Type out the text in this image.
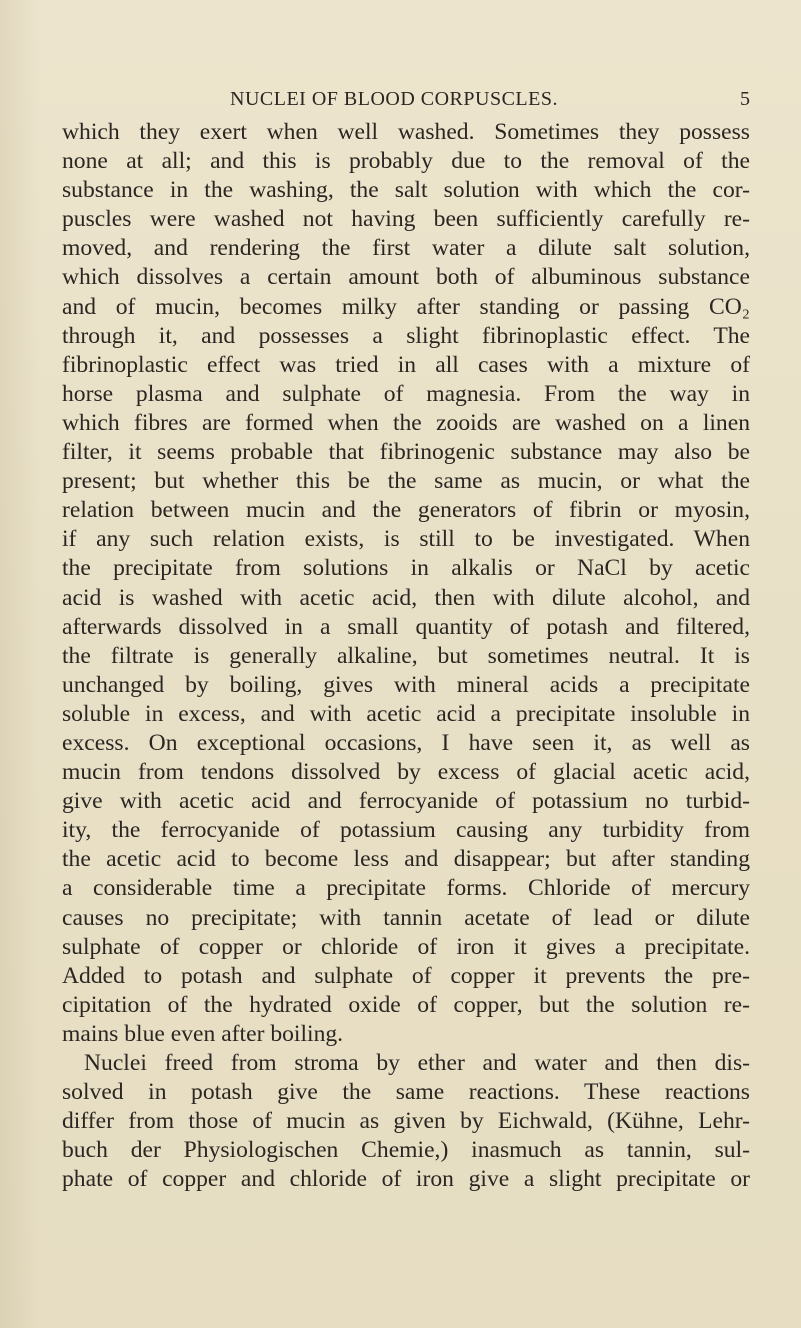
NUCLEI OF BLOOD CORPUSCLES.	5

which they exert when well washed. Sometimes they possess
none at all; and this is probably due to the removal of the
substance in the washing, the salt solution with which the cor-
puscles were washed not having been sufficiently carefully re-
moved, and rendering the first water a dilute salt solution,
which dissolves a certain amount both of albuminous substance
and of mucin, becomes milky after standing or passing CO₂
through it, and possesses a slight fibrinoplastic effect. The
fibrinoplastic effect was tried in all cases with a mixture of
horse plasma and sulphate of magnesia. From the way in
which fibres are formed when the zooids are washed on a linen
filter, it seems probable that fibrinogenic substance may also be
present; but whether this be the same as mucin, or what the
relation between mucin and the generators of fibrin or myosin,
if any such relation exists, is still to be investigated. When
the precipitate from solutions in alkalis or NaCl by acetic
acid is washed with acetic acid, then with dilute alcohol, and
afterwards dissolved in a small quantity of potash and filtered,
the filtrate is generally alkaline, but sometimes neutral. It is
unchanged by boiling, gives with mineral acids a precipitate
soluble in excess, and with acetic acid a precipitate insoluble in
excess. On exceptional occasions, I have seen it, as well as
mucin from tendons dissolved by excess of glacial acetic acid,
give with acetic acid and ferrocyanide of potassium no turbid-
ity, the ferrocyanide of potassium causing any turbidity from
the acetic acid to become less and disappear; but after standing
a considerable time a precipitate forms. Chloride of mercury
causes no precipitate; with tannin acetate of lead or dilute
sulphate of copper or chloride of iron it gives a precipitate.
Added to potash and sulphate of copper it prevents the pre-
cipitation of the hydrated oxide of copper, but the solution re-
mains blue even after boiling.

Nuclei freed from stroma by ether and water and then dis-
solved in potash give the same reactions. These reactions
differ from those of mucin as given by Eichwald, (Kühne, Lehr-
buch der Physiologischen Chemie,) inasmuch as tannin, sul-
phate of copper and chloride of iron give a slight precipitate or
